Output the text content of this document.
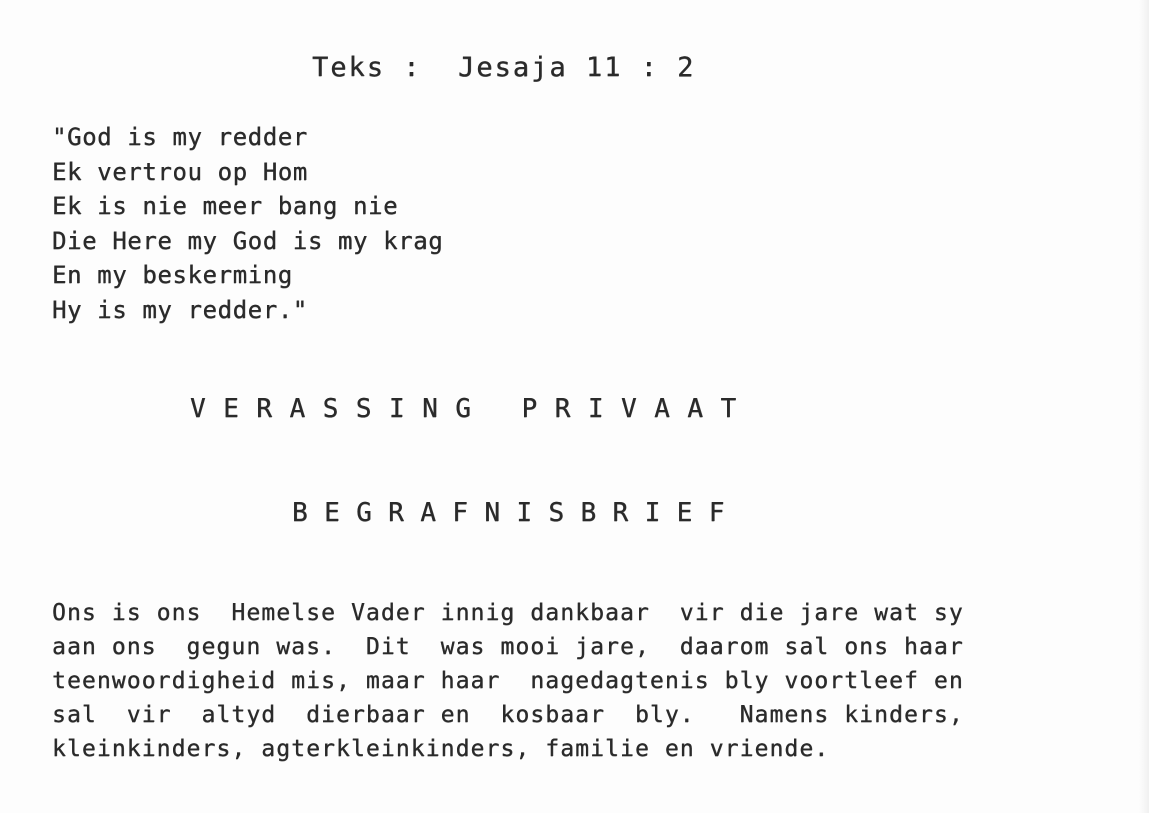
Teks :  Jesaja 11 : 2
"God is my redder
Ek vertrou op Hom
Ek is nie meer bang nie
Die Here my God is my krag
En my beskerming
Hy is my redder."
VERASSING PRIVAAT
BEGRAFNISBRIEF
Ons is ons  Hemelse Vader innig dankbaar  vir die jare wat sy
aan ons  gegun was.  Dit  was mooi jare,  daarom sal ons haar
teenwoordigheid mis, maar haar  nagedagtenis bly voortleef en
sal  vir  altyd  dierbaar en  kosbaar  bly.   Namens kinders,
kleinkinders, agterkleinkinders, familie en vriende.
